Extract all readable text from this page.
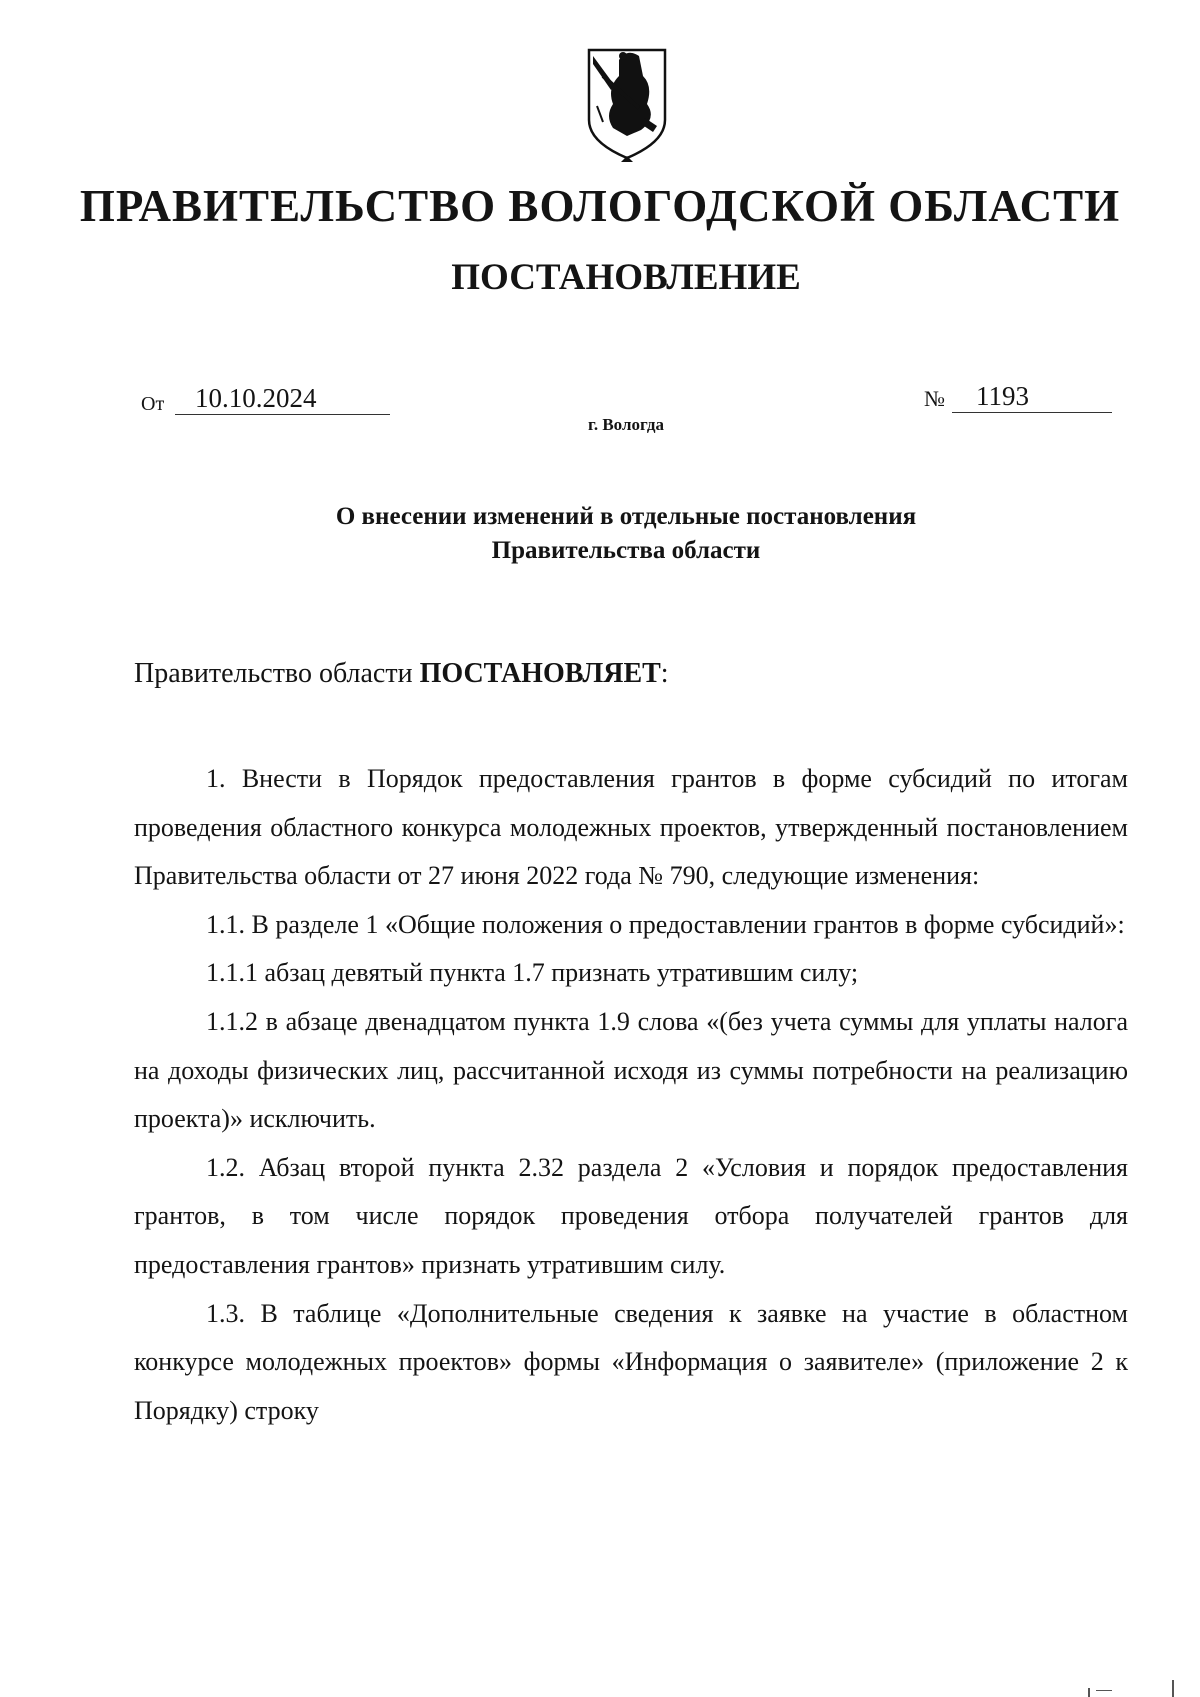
ПРАВИТЕЛЬСТВО ВОЛОГОДСКОЙ ОБЛАСТИ
ПОСТАНОВЛЕНИЕ
От	10.10.2024	№	1193
г. Вологда
О внесении изменений в отдельные постановления
Правительства области
Правительство области ПОСТАНОВЛЯЕТ:

1. Внести в Порядок предоставления грантов в форме субсидий по итогам проведения областного конкурса молодежных проектов, утвержденный постановлением Правительства области от 27 июня 2022 года № 790, следующие изменения:

1.1. В разделе 1 «Общие положения о предоставлении грантов в форме субсидий»:

1.1.1 абзац девятый пункта 1.7 признать утратившим силу;

1.1.2 в абзаце двенадцатом пункта 1.9 слова «(без учета суммы для уплаты налога на доходы физических лиц, рассчитанной исходя из суммы потребности на реализацию проекта)» исключить.

1.2. Абзац второй пункта 2.32 раздела 2 «Условия и порядок предоставления грантов, в том числе порядок проведения отбора получателей грантов для предоставления грантов» признать утратившим силу.

1.3. В таблице «Дополнительные сведения к заявке на участие в областном конкурсе молодежных проектов» формы «Информация о заявителе» (приложение 2 к Порядку) строку
